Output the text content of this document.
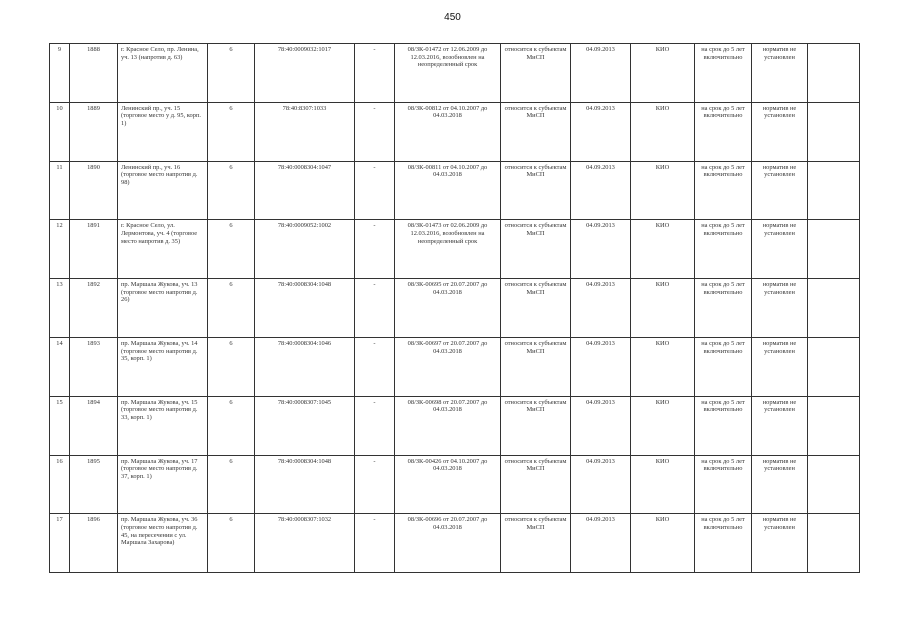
450
9	1888	г. Красное Село, пр. Ленина, уч. 13 (напротив д. 63)	6	78:40:0009032:1017	-	08/ЗК-01472 от 12.06.2009 до 12.03.2016, возобновлен на неопределенный срок	относится к субъектам МиСП	04.09.2013	КИО	на срок до 5 лет включительно	норматив не установлен	
10	1889	Ленинский пр., уч. 15 (торговое место у д. 95, корп. 1)	6	78:40:8307:1033	-	08/ЗК-00812 от 04.10.2007 до 04.03.2018	относится к субъектам МиСП	04.09.2013	КИО	на срок до 5 лет включительно	норматив не установлен	
11	1890	Ленинский пр., уч. 16 (торговое место напротив д. 98)	6	78:40:0008304:1047	-	08/ЗК-00811 от 04.10.2007 до 04.03.2018	относится к субъектам МиСП	04.09.2013	КИО	на срок до 5 лет включительно	норматив не установлен	
12	1891	г. Красное Село, ул. Лермонтова, уч. 4 (торговое место напротив д. 35)	6	78:40:0009052:1002	-	08/ЗК-01473 от 02.06.2009 до 12.03.2016, возобновлен на неопределенный срок	относится к субъектам МиСП	04.09.2013	КИО	на срок до 5 лет включительно	норматив не установлен	
13	1892	пр. Маршала Жукова, уч. 13 (торговое место напротив д. 26)	6	78:40:0008304:1048	-	08/ЗК-00695 от 20.07.2007 до 04.03.2018	относится к субъектам МиСП	04.09.2013	КИО	на срок до 5 лет включительно	норматив не установлен	
14	1893	пр. Маршала Жукова, уч. 14 (торговое место напротив д. 35, корп. 1)	6	78:40:0008304:1046	-	08/ЗК-00697 от 20.07.2007 до 04.03.2018	относится к субъектам МиСП	04.09.2013	КИО	на срок до 5 лет включительно	норматив не установлен	
15	1894	пр. Маршала Жукова, уч. 15 (торговое место напротив д. 33, корп. 1)	6	78:40:0008307:1045	-	08/ЗК-00698 от 20.07.2007 до 04.03.2018	относится к субъектам МиСП	04.09.2013	КИО	на срок до 5 лет включительно	норматив не установлен	
16	1895	пр. Маршала Жукова, уч. 17 (торговое место напротив д. 37, корп. 1)	6	78:40:0008304:1048	-	08/ЗК-00426 от 04.10.2007 до 04.03.2018	относится к субъектам МиСП	04.09.2013	КИО	на срок до 5 лет включительно	норматив не установлен	
17	1896	пр. Маршала Жукова, уч. 36 (торговое место напротив д. 45, на пересечении с ул. Маршала Захарова)	6	78:40:0008307:1032	-	08/ЗК-00696 от 20.07.2007 до 04.03.2018	относится к субъектам МиСП	04.09.2013	КИО	на срок до 5 лет включительно	норматив не установлен	
